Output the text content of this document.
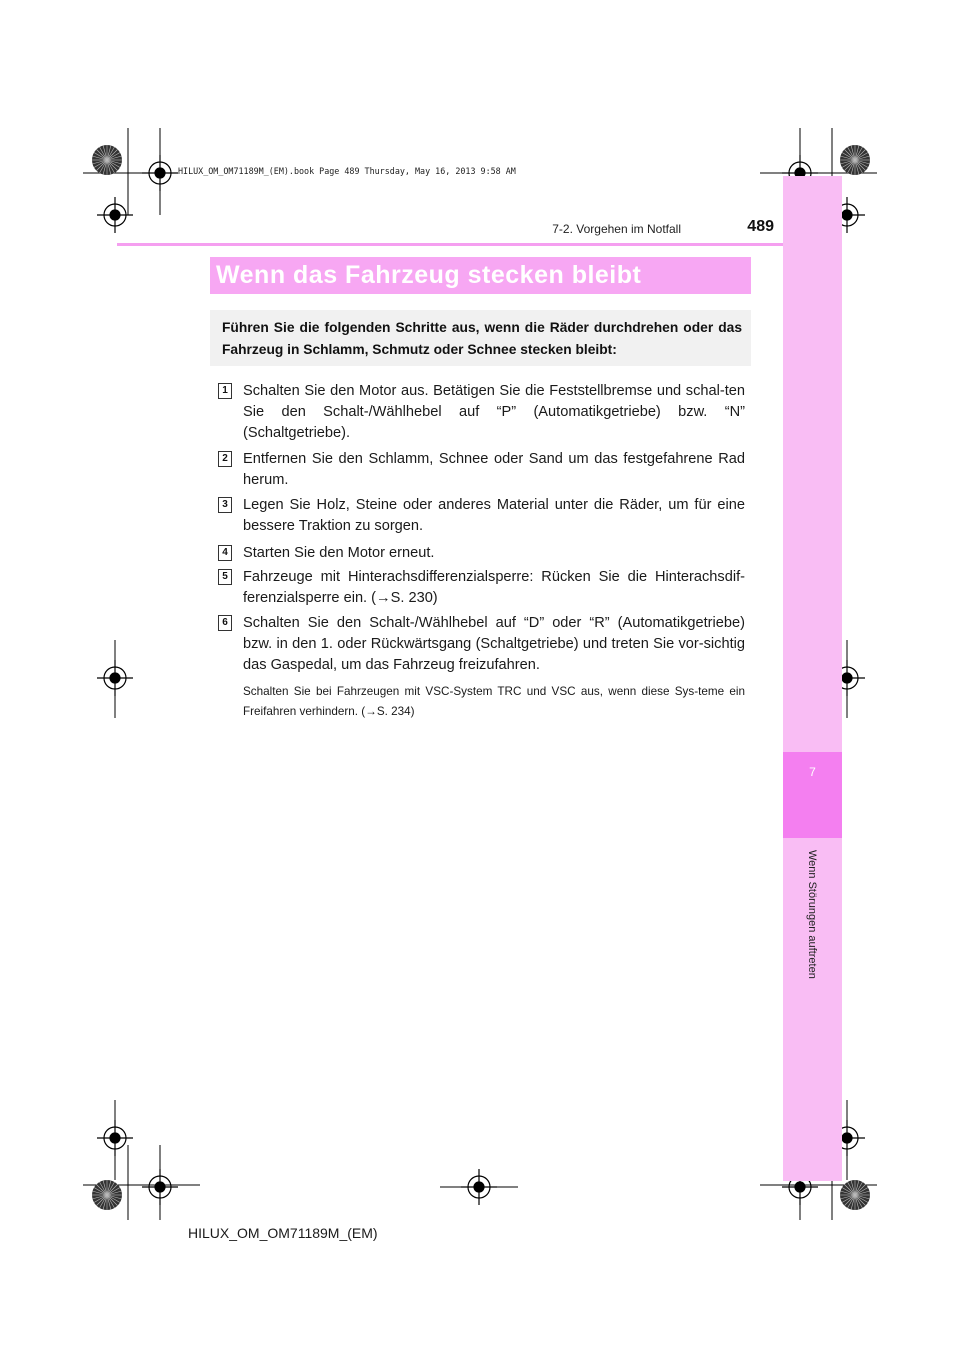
7
Wenn Störungen auftreten
HILUX_OM_OM71189M_(EM).book Page 489 Thursday, May 16, 2013 9:58 AM
7-2. Vorgehen im Notfall	489
Wenn das Fahrzeug stecken bleibt
Führen Sie die folgenden Schritte aus, wenn die Räder durchdrehen oder das Fahrzeug in Schlamm, Schmutz oder Schnee stecken bleibt:
1 Schalten Sie den Motor aus. Betätigen Sie die Feststellbremse und schal-ten Sie den Schalt-/Wählhebel auf “P” (Automatikgetriebe) bzw. “N” (Schaltgetriebe).
2 Entfernen Sie den Schlamm, Schnee oder Sand um das festgefahrene Rad herum.
3 Legen Sie Holz, Steine oder anderes Material unter die Räder, um für eine bessere Traktion zu sorgen.
4 Starten Sie den Motor erneut.
5 Fahrzeuge mit Hinterachsdifferenzialsperre: Rücken Sie die Hinterachsdif-ferenzialsperre ein. (→S. 230)
6 Schalten Sie den Schalt-/Wählhebel auf “D” oder “R” (Automatikgetriebe) bzw. in den 1. oder Rückwärtsgang (Schaltgetriebe) und treten Sie vor-sichtig das Gaspedal, um das Fahrzeug freizufahren.
Schalten Sie bei Fahrzeugen mit VSC-System TRC und VSC aus, wenn diese Sys-teme ein Freifahren verhindern. (→S. 234)
HILUX_OM_OM71189M_(EM)
